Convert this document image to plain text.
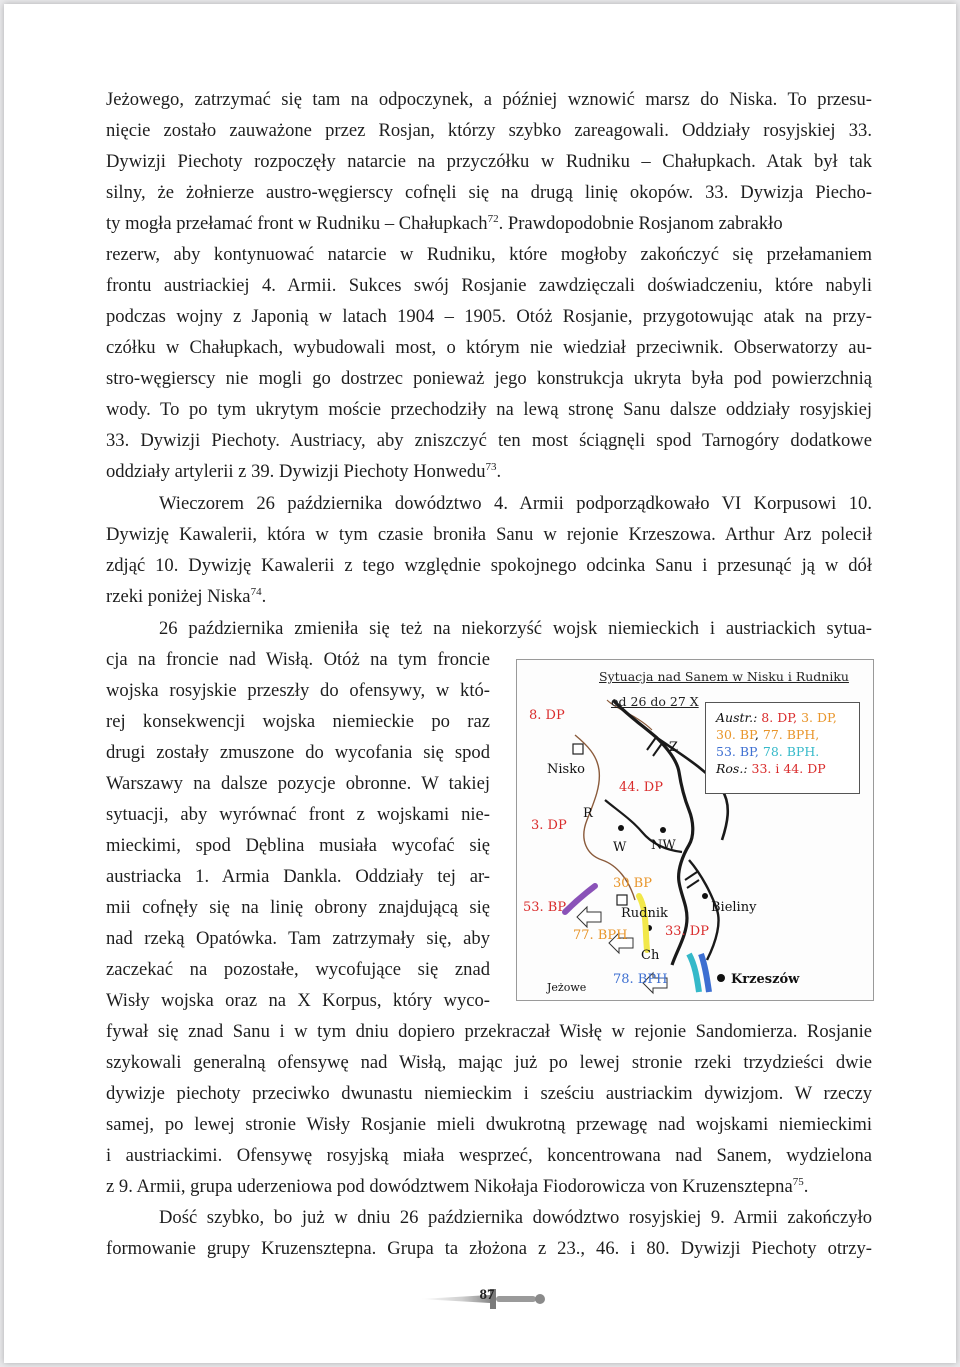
Jeżowego, zatrzymać się tam na odpoczynek, a później wznowić marsz do Niska. To przesu-
nięcie zostało zauważone przez Rosjan, którzy szybko zareagowali. Oddziały rosyjskiej 33.
Dywizji Piechoty rozpoczęły natarcie na przyczółku w Rudniku – Chałupkach. Atak był tak
silny, że żołnierze austro-węgierscy cofnęli się na drugą linię okopów. 33. Dywizja Piecho-
ty mogła przełamać front w Rudniku – Chałupkach$^{72}$. Prawdopodobnie Rosjanom zabrakło
rezerw, aby kontynuować natarcie w Rudniku, które mogłoby zakończyć się przełamaniem
frontu austriackiej 4. Armii. Sukces swój Rosjanie zawdzięczali doświadczeniu, które nabyli
podczas wojny z Japonią w latach 1904 – 1905. Otóż Rosjanie, przygotowując atak na przy-
czółku w Chałupkach, wybudowali most, o którym nie wiedział przeciwnik. Obserwatorzy au-
stro-węgierscy nie mogli go dostrzec ponieważ jego konstrukcja ukryta była pod powierzchnią
wody. To po tym ukrytym moście przechodziły na lewą stronę Sanu dalsze oddziały rosyjskiej
33. Dywizji Piechoty. Austriacy, aby zniszczyć ten most ściągnęli spod Tarnogóry dodatkowe
oddziały artylerii z 39. Dywizji Piechoty Honwedu$^{73}$.
Wieczorem 26 października dowództwo 4. Armii podporządkowało VI Korpusowi 10.
Dywizję Kawalerii, która w tym czasie broniła Sanu w rejonie Krzeszowa. Arthur Arz polecił
zdjąć 10. Dywizję Kawalerii z tego względnie spokojnego odcinka Sanu i przesunąć ją w dół
rzeki poniżej Niska$^{74}$.
26 października zmieniła się też na niekorzyść wojsk niemieckich i austriackich sytua-
cja na froncie nad Wisłą. Otóż na tym froncie
wojska rosyjskie przeszły do ofensywy, w któ-
rej konsekwencji wojska niemieckie po raz
drugi zostały zmuszone do wycofania się spod
Warszawy na dalsze pozycje obronne. W takiej
sytuacji, aby wyrównać front z wojskami nie-
mieckimi, spod Dęblina musiała wycofać się
austriacka 1. Armia Dankla. Oddziały tej ar-
mii cofnęły się na linię obrony znajdującą się
nad rzeką Opatówka. Tam zatrzymały się, aby
zaczekać na pozostałe, wycofujące się znad
Wisły wojska oraz na X Korpus, który wyco-
fywał się znad Sanu i w tym dniu dopiero przekraczał Wisłę w rejonie Sandomierza. Rosjanie
szykowali generalną ofensywę nad Wisłą, mając już po lewej stronie rzeki trzydzieści dwie
dywizje piechoty przeciwko dwunastu niemieckim i sześciu austriackim dywizjom. W rzeczy
samej, po lewej stronie Wisły Rosjanie mieli dwukrotną przewagę nad wojskami niemieckimi
i austriackimi. Ofensywę rosyjską miała wesprzeć, koncentrowana nad Sanem, wydzielona
z 9. Armii, grupa uderzeniowa pod dowództwem Nikołaja Fiodorowicza von Kruzensztерna$^{75}$.
Dość szybko, bo już w dniu 26 października dowództwo rosyjskiej 9. Armii zakończyło
formowanie grupy Kruzensztерna. Grupa ta złożona z 23., 46. i 80. Dywizji Piechoty otrzy-
Sytuacja nad Sanem w Nisku i Rudniku
od 26 do 27 X
Austr.: 8. DP, 3. DP,
30. BP, 77. BPH,
53. BP, 78. BPH.
Ros.: 33. i 44. DP
8. DP
Nisko
Z
44. DP
3. DP
R
W NW
30 BP
53. BP	Rudnik	Bieliny
77. BPH
Ch
33. DP
78. BPH
Jeżowe
Krzeszów
87
